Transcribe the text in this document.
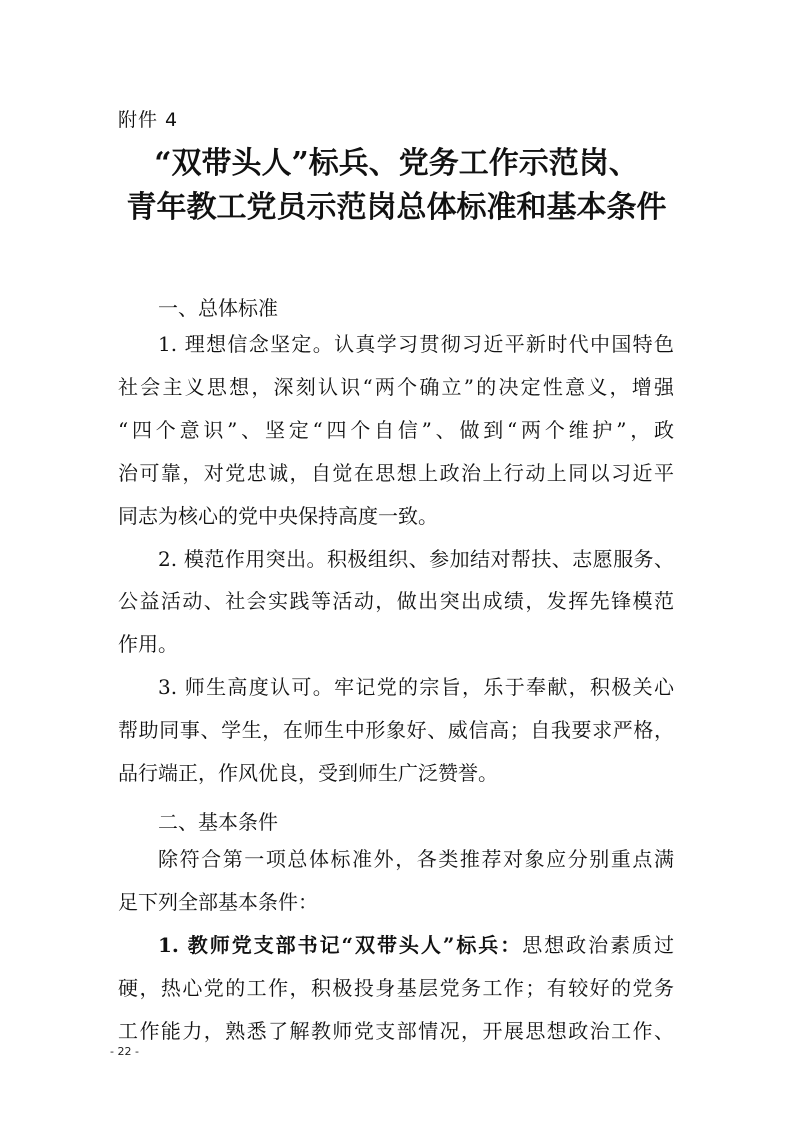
附件 4
“双带头人”标兵、党务工作示范岗、
青年教工党员示范岗总体标准和基本条件
一、总体标准
1. 理想信念坚定。认真学习贯彻习近平新时代中国特色
社会主义思想，深刻认识“两个确立”的决定性意义，增强
“四个意识”、坚定“四个自信”、做到“两个维护”，政
治可靠，对党忠诚，自觉在思想上政治上行动上同以习近平
同志为核心的党中央保持高度一致。
2. 模范作用突出。积极组织、参加结对帮扶、志愿服务、
公益活动、社会实践等活动，做出突出成绩，发挥先锋模范
作用。
3. 师生高度认可。牢记党的宗旨，乐于奉献，积极关心
帮助同事、学生，在师生中形象好、威信高；自我要求严格，
品行端正，作风优良，受到师生广泛赞誉。
二、基本条件
除符合第一项总体标准外，各类推荐对象应分别重点满
足下列全部基本条件：
1. 教师党支部书记“双带头人”标兵：思想政治素质过
硬，热心党的工作，积极投身基层党务工作；有较好的党务
工作能力，熟悉了解教师党支部情况，开展思想政治工作、
- 22 -
